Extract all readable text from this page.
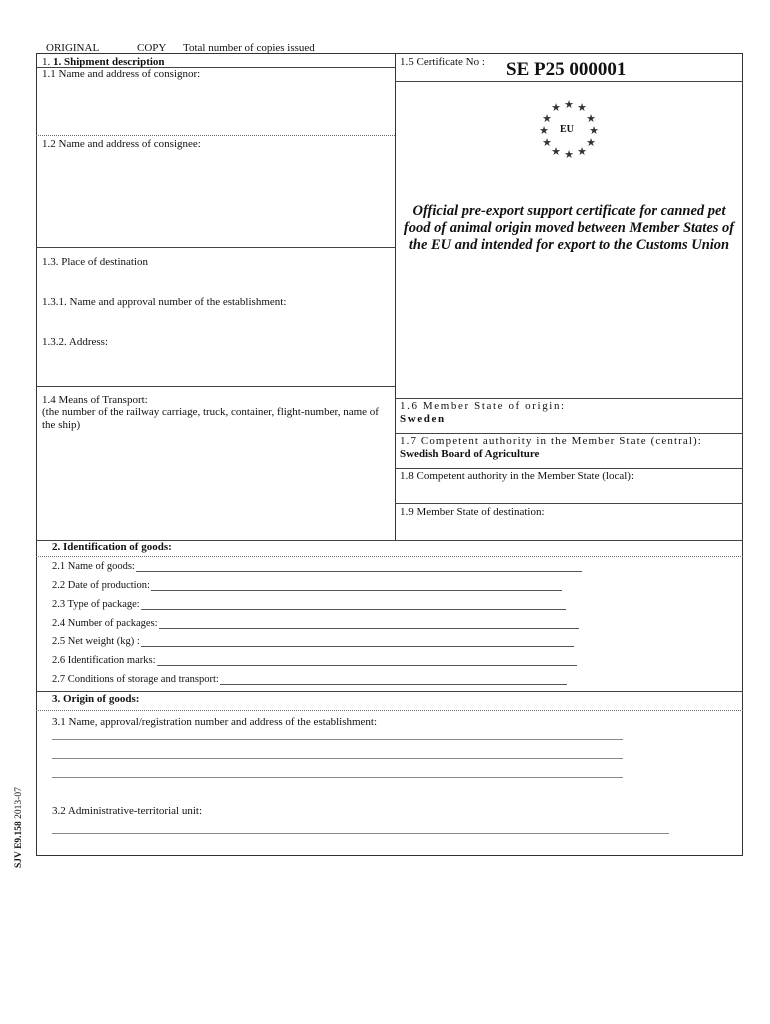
ORIGINAL	COPY Total number of copies issued
1. 1. Shipment description
1.1 Name and address of consignor:
1.2 Name and address of consignee:
1.3. Place of destination
1.3.1. Name and approval number of the establishment:
1.3.2. Address:
1.4 Means of Transport:
(the number of the railway carriage, truck, container, flight-number, name of the ship)
1.5 Certificate No : SE P25 000001
★
★ ★
★	★
★	★
★	★
★ ★
★
EU
Official pre-export support certificate for canned pet food of animal origin moved between Member States of the EU and intended for export to the Customs Union
1.6 Member State of origin:
Sweden
1.7 Competent authority in the Member State (central):
Swedish Board of Agriculture
1.8 Competent authority in the Member State (local):
1.9 Member State of destination:
2. Identification of goods:
2.1 Name of goods:
2.2 Date of production:
2.3 Type of package:
2.4 Number of packages:
2.5 Net weight (kg) :
2.6 Identification marks:
2.7 Conditions of storage and transport:
3. Origin of goods:
3.1 Name, approval/registration number and address of the establishment:
3.2 Administrative-territorial unit:
SJV E9.158 2013-07
